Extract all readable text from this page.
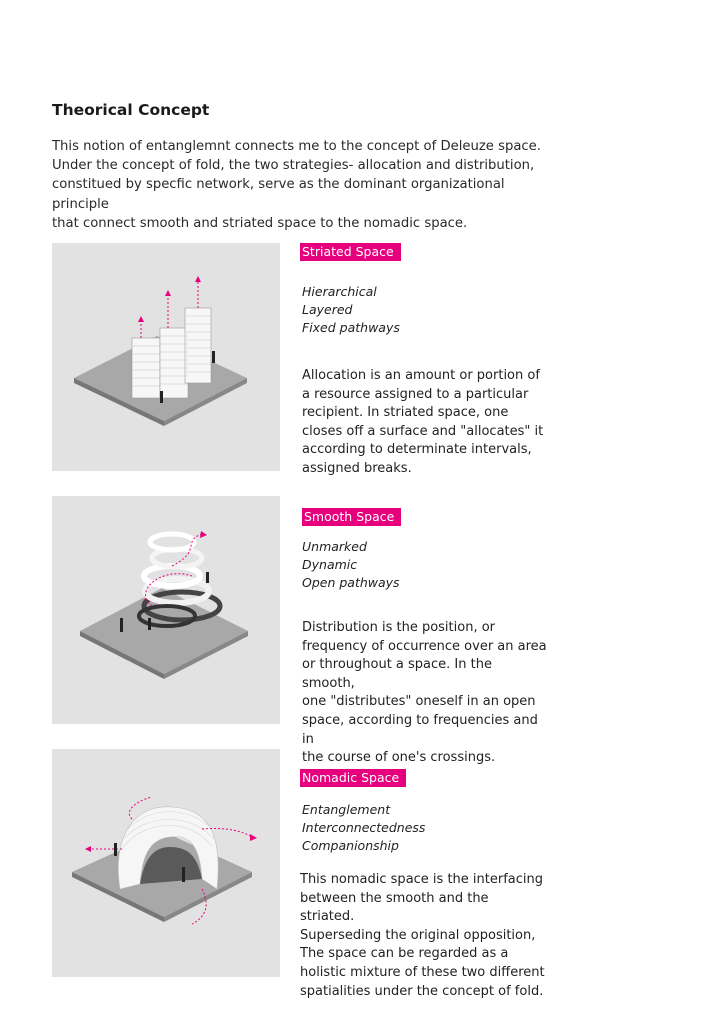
Theorical Concept
This notion of entanglemnt connects me to the concept of Deleuze space.
Under the concept of fold, the two strategies- allocation and distribution,
constitued by specfic network, serve as the dominant organizational principle
that connect smooth and striated space to the nomadic space.
Striated Space
Hierarchical
Layered
Fixed pathways
Allocation is an amount or portion of
a resource assigned to a particular
recipient. In striated space, one
closes off a surface and "allocates" it
according to determinate intervals,
assigned breaks.
Smooth Space
Unmarked
Dynamic
Open pathways
Distribution is the position, or
frequency of occurrence over an area
or throughout a space. In the smooth,
one "distributes" oneself in an open
space, according to frequencies and in
the course of one's crossings.
Nomadic Space
Entanglement
Interconnectedness
Companionship
This nomadic space is the interfacing
between the smooth and the striated.
Superseding the original opposition,
The space can be regarded as a
holistic mixture of these two different
spatialities under the concept of fold.
